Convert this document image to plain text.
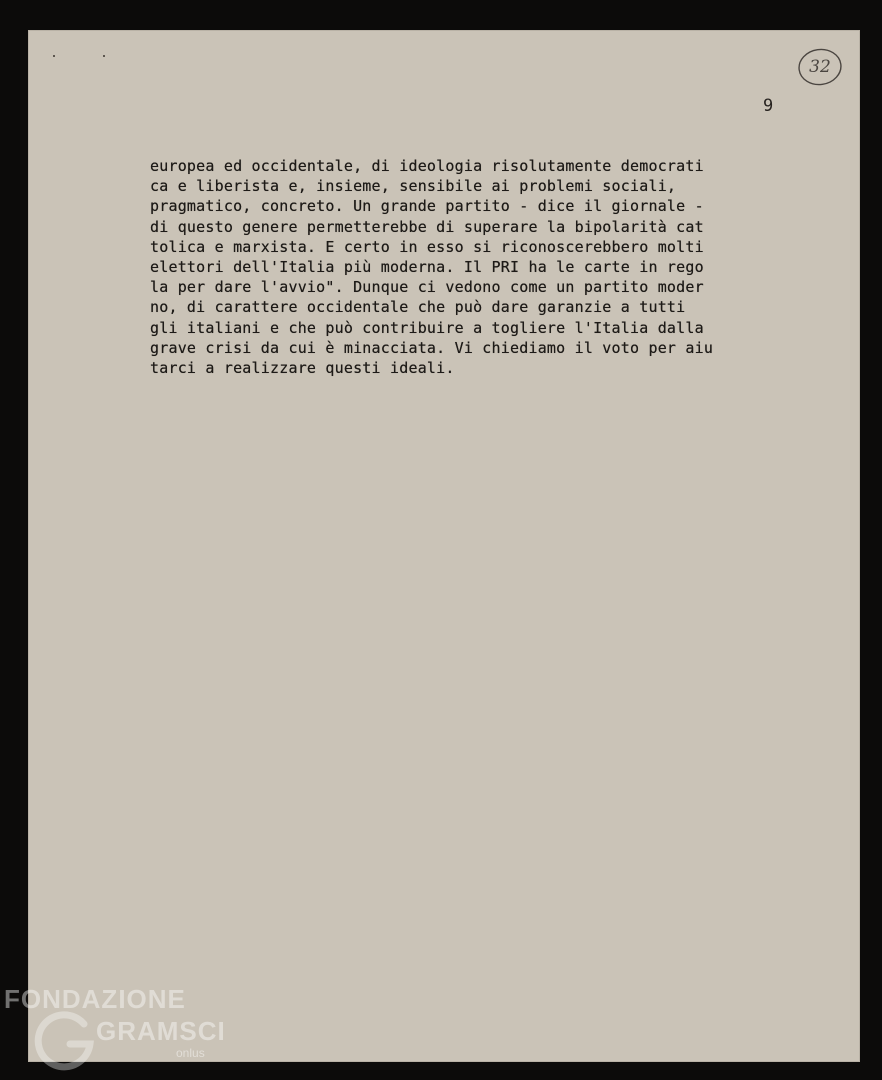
32
9
europea ed occidentale, di ideologia risolutamente democrati
ca e liberista e, insieme, sensibile ai problemi sociali,
pragmatico, concreto. Un grande partito - dice il giornale -
di questo genere permetterebbe di superare la bipolarità cat
tolica e marxista. E certo in esso si riconoscerebbero molti
elettori dell'Italia più moderna. Il PRI ha le carte in rego
la per dare l'avvio". Dunque ci vedono come un partito moder
no, di carattere occidentale che può dare garanzie a tutti
gli italiani e che può contribuire a togliere l'Italia dalla
grave crisi da cui è minacciata. Vi chiediamo il voto per aiu
tarci a realizzare questi ideali.
FONDAZIONE
GRAMSCI
onlus
